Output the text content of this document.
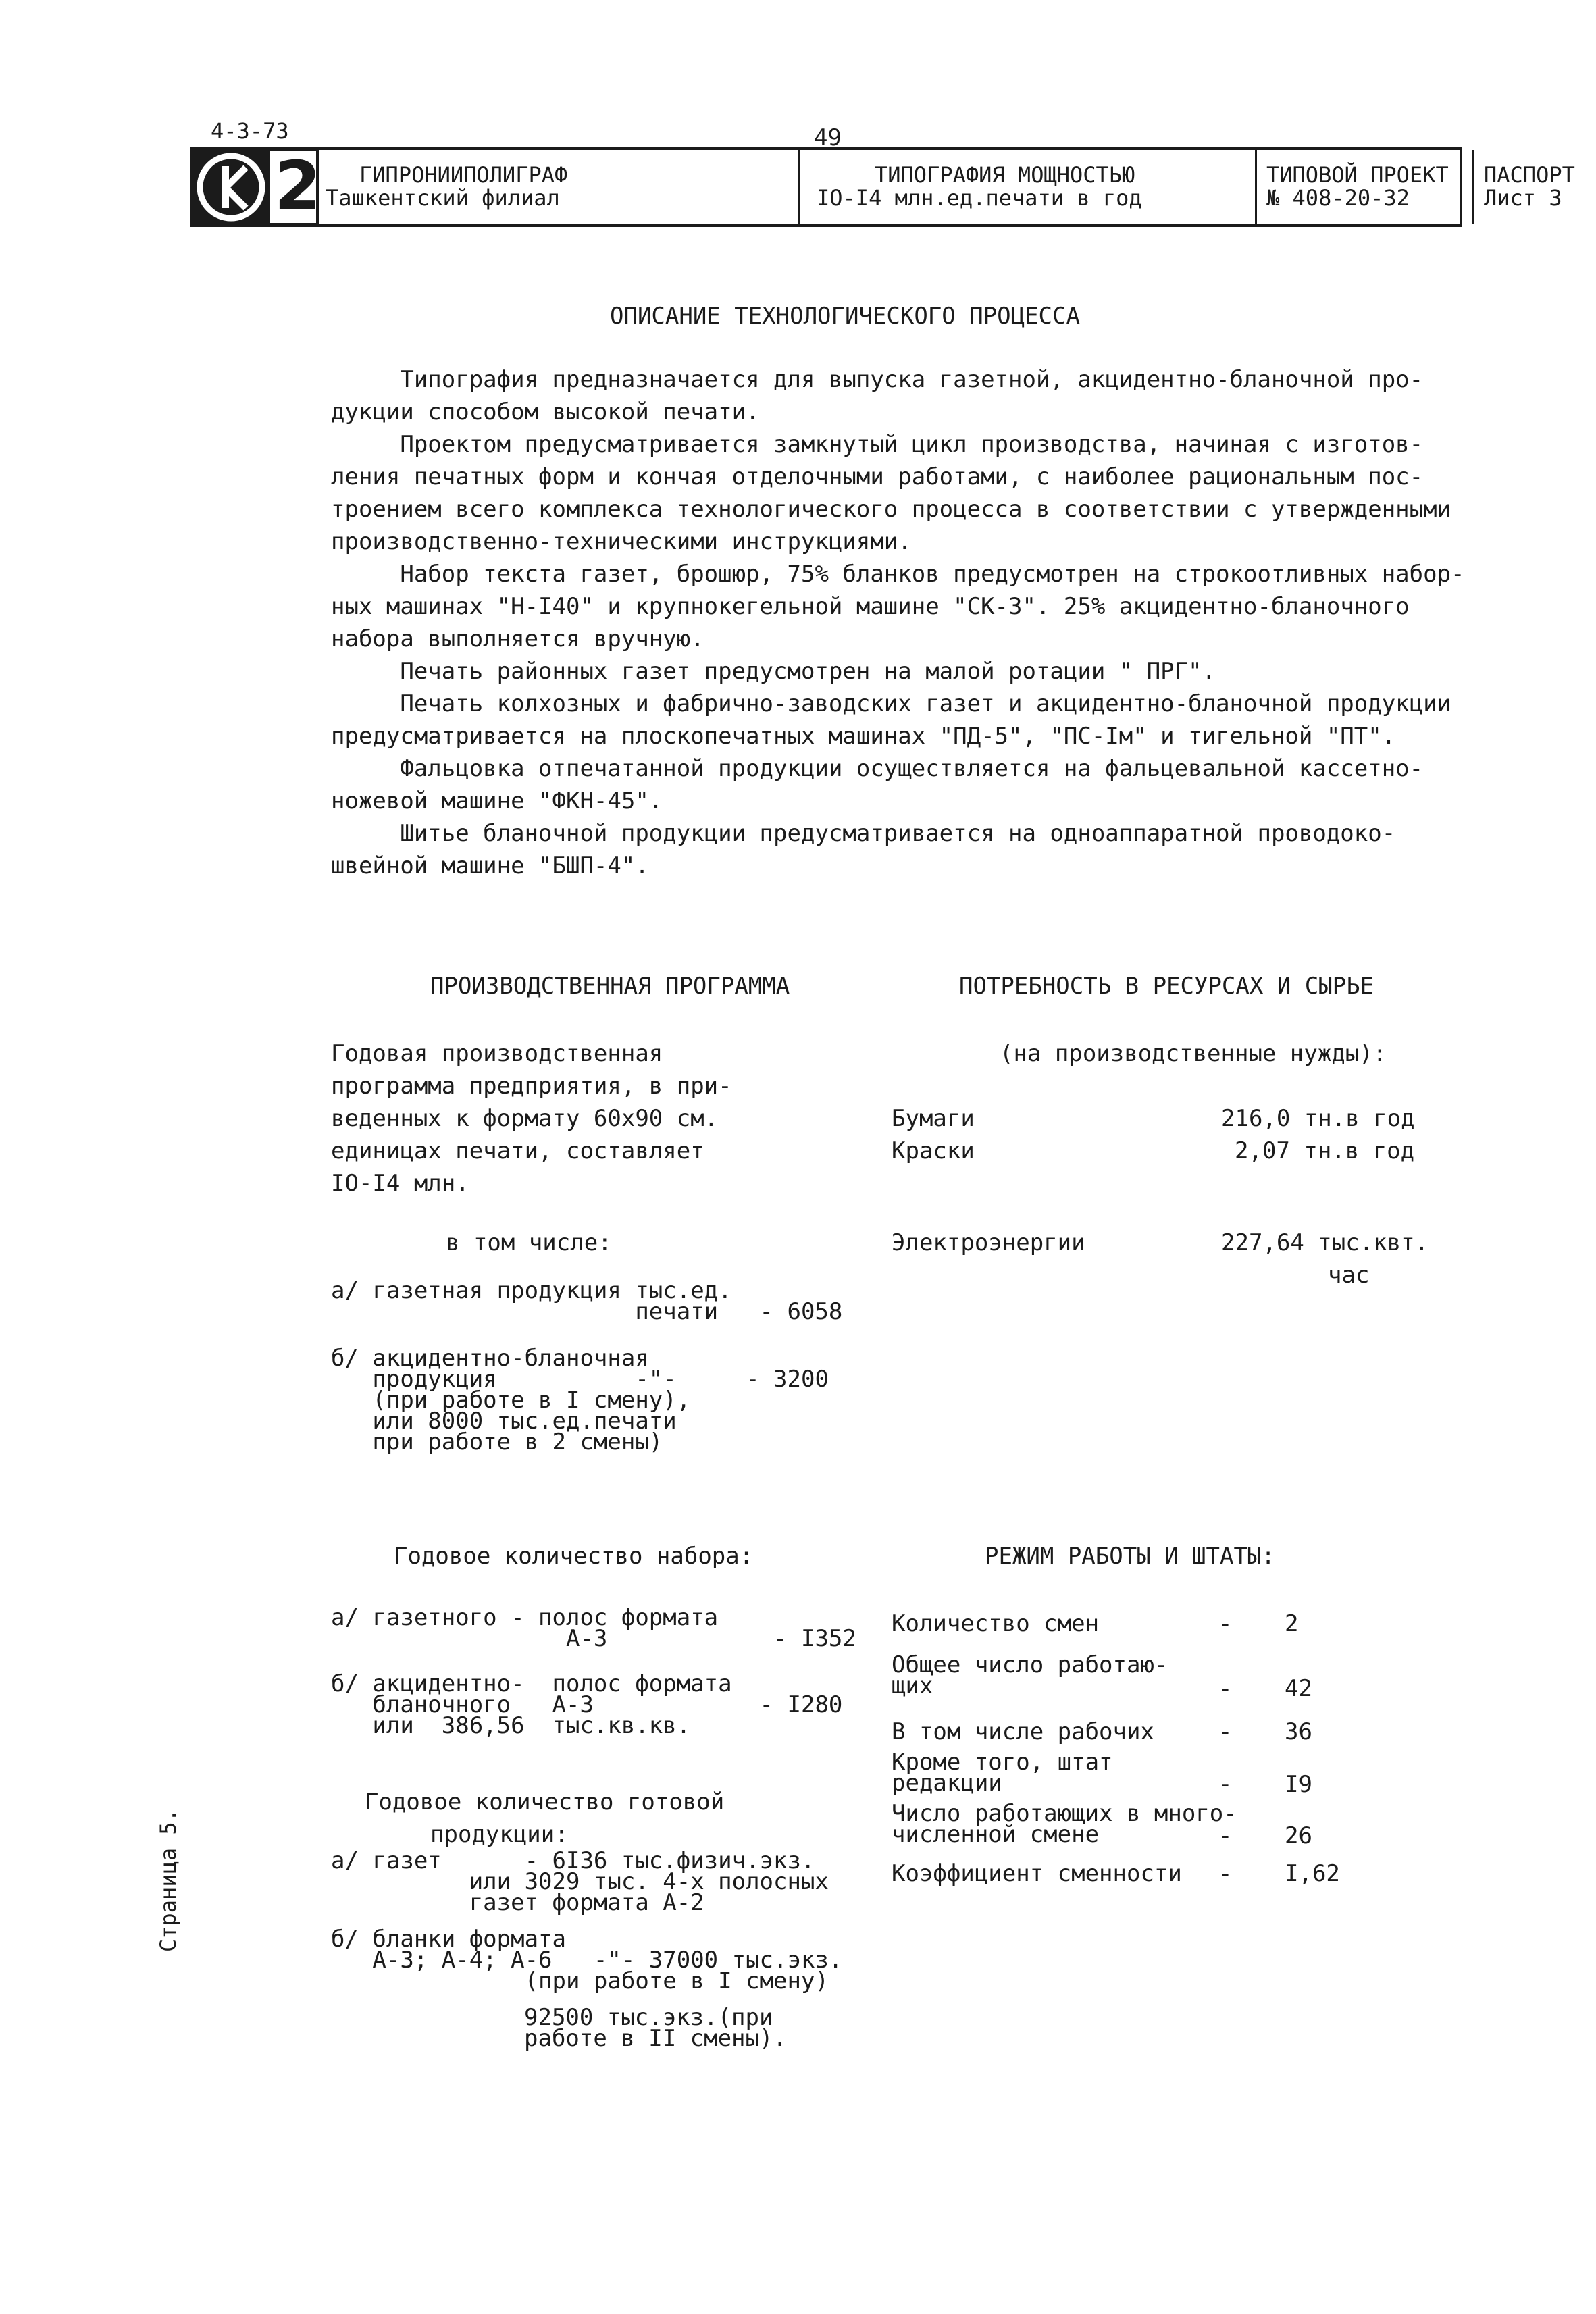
4-3-73	49
ГИПРОНИИПОЛИГРАФ
Ташкентский филиал
ТИПОГРАФИЯ МОЩНОСТЬЮ
IO-I4 млн.ед.печати в год
ТИПОВОЙ ПРОЕКТ
№ 408-20-32
ПАСПОРТ
Лист 3
2
ОПИСАНИЕ ТЕХНОЛОГИЧЕСКОГО ПРОЦЕССА
Типография предназначается для выпуска газетной, акцидентно-бланочной про-
дукции способом высокой печати.
Проектом предусматривается замкнутый цикл производства, начиная с изготов-
ления печатных форм и кончая отделочными работами, с наиболее рациональным пос-
троением всего комплекса технологического процесса в соответствии с утвержденными
производственно-техническими инструкциями.
Набор текста газет, брошюр, 75% бланков предусмотрен на строкоотливных набор-
ных машинах "Н-I40" и крупнокегельной машине "СК-3". 25% акцидентно-бланочного
набора выполняется вручную.
Печать районных газет предусмотрен на малой ротации " ПРГ".
Печать колхозных и фабрично-заводских газет и акцидентно-бланочной продукции
предусматривается на плоскопечатных машинах "ПД-5", "ПС-Iм" и тигельной "ПТ".
Фальцовка отпечатанной продукции осуществляется на фальцевальной кассетно-
ножевой машине "ФКН-45".
Шитье бланочной продукции предусматривается на одноаппаратной проводоко-
швейной машине "БШП-4".
ПРОИЗВОДСТВЕННАЯ ПРОГРАММА
Годовая производственная
программа предприятия, в при-
веденных к формату 60х90 см.
единицах печати, составляет
IO-I4 млн.
в том числе:
а/ газетная продукция тыс.ед.
печати   - 6058
б/ акцидентно-бланочная
продукция          -"-     - 3200
(при работе в I смену),
или 8000 тыс.ед.печати
при работе в 2 смены)
ПОТРЕБНОСТЬ В РЕСУРСАХ И СЫРЬЕ
(на производственные нужды):
Бумаги	216,0 тн.в год
Краски	2,07 тн.в год
Электроэнергии	227,64 тыс.квт.
час
Годовое количество набора:
а/ газетного - полос формата
А-3            - I352
б/ акцидентно-  полос формата
бланочного   А-3            - I280
или  386,56  тыс.кв.кв.
Годовое количество готовой
продукции:
а/ газет      - 6I36 тыс.физич.экз.
или 3029 тыс. 4-х полосных
газет формата А-2
б/ бланки формата
А-3; А-4; А-6   -"- 37000 тыс.экз.
(при работе в I смену)
92500 тыс.экз.(при
работе в II смены).
РЕЖИМ РАБОТЫ И ШТАТЫ:
Количество смен	- 2
Общее число работаю-
щих	- 42
В том числе рабочих	- 36
Кроме того, штат
редакции	- I9
Число работающих в много-
численной смене	- 26
Коэффициент сменности - I,62
Страница 5.
